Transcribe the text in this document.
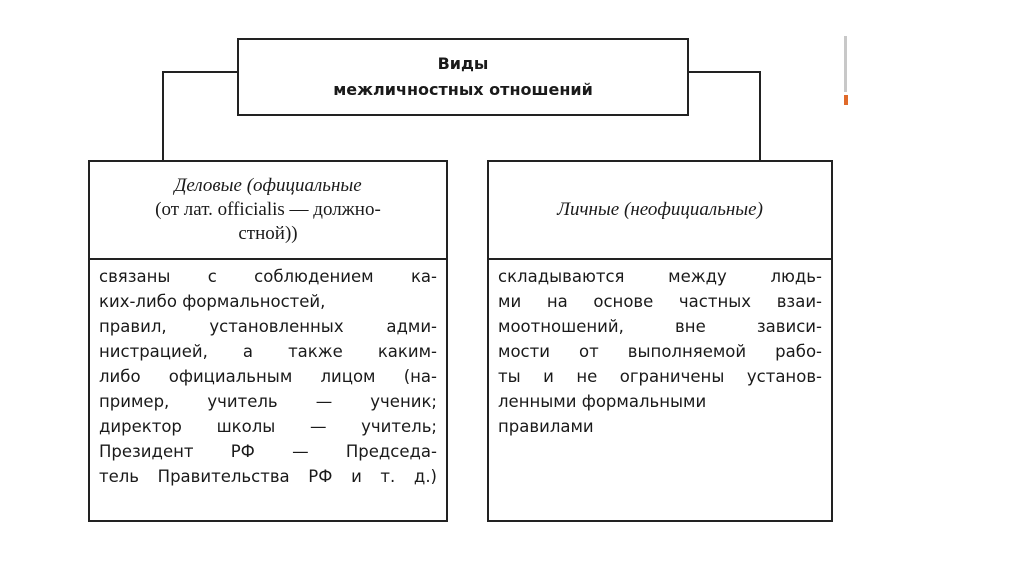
Виды
межличностных отношений
Деловые (официальные
(от лат. officialis — должно-
стной))
связаны с соблюдением ка-
ких-либо формальностей,
правил, установленных адми-
нистрацией, а также каким-
либо официальным лицом (на-
пример, учитель — ученик;
директор школы — учитель;
Президент РФ — Председа-
тель Правительства РФ и т. д.)
Личные (неофициальные)
складываются между людь-
ми на основе частных взаи-
моотношений, вне зависи-
мости от выполняемой рабо-
ты и не ограничены установ-
ленными формальными
правилами
